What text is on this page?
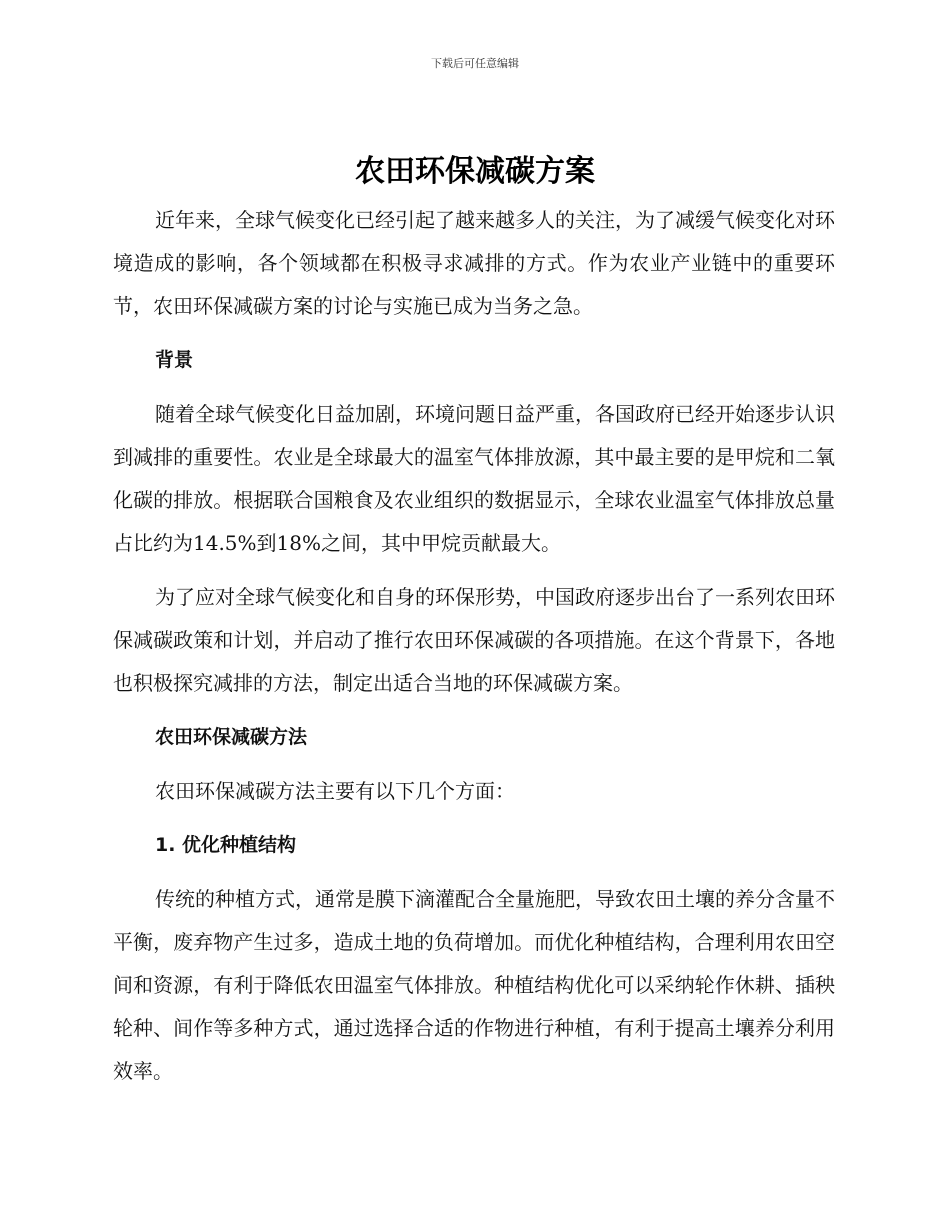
下载后可任意编辑
农田环保减碳方案

近年来，全球气候变化已经引起了越来越多人的关注，为了减缓气候变化对环境造成的影响，各个领域都在积极寻求减排的方式。作为农业产业链中的重要环节，农田环保减碳方案的讨论与实施已成为当务之急。

背景

随着全球气候变化日益加剧，环境问题日益严重，各国政府已经开始逐步认识到减排的重要性。农业是全球最大的温室气体排放源，其中最主要的是甲烷和二氧化碳的排放。根据联合国粮食及农业组织的数据显示，全球农业温室气体排放总量占比约为14.5%到18%之间，其中甲烷贡献最大。

为了应对全球气候变化和自身的环保形势，中国政府逐步出台了一系列农田环保减碳政策和计划，并启动了推行农田环保减碳的各项措施。在这个背景下，各地也积极探究减排的方法，制定出适合当地的环保减碳方案。

农田环保减碳方法

农田环保减碳方法主要有以下几个方面：

1. 优化种植结构

传统的种植方式，通常是膜下滴灌配合全量施肥，导致农田土壤的养分含量不平衡，废弃物产生过多，造成土地的负荷增加。而优化种植结构，合理利用农田空间和资源，有利于降低农田温室气体排放。种植结构优化可以采纳轮作休耕、插秧轮种、间作等多种方式，通过选择合适的作物进行种植，有利于提高土壤养分利用效率。
